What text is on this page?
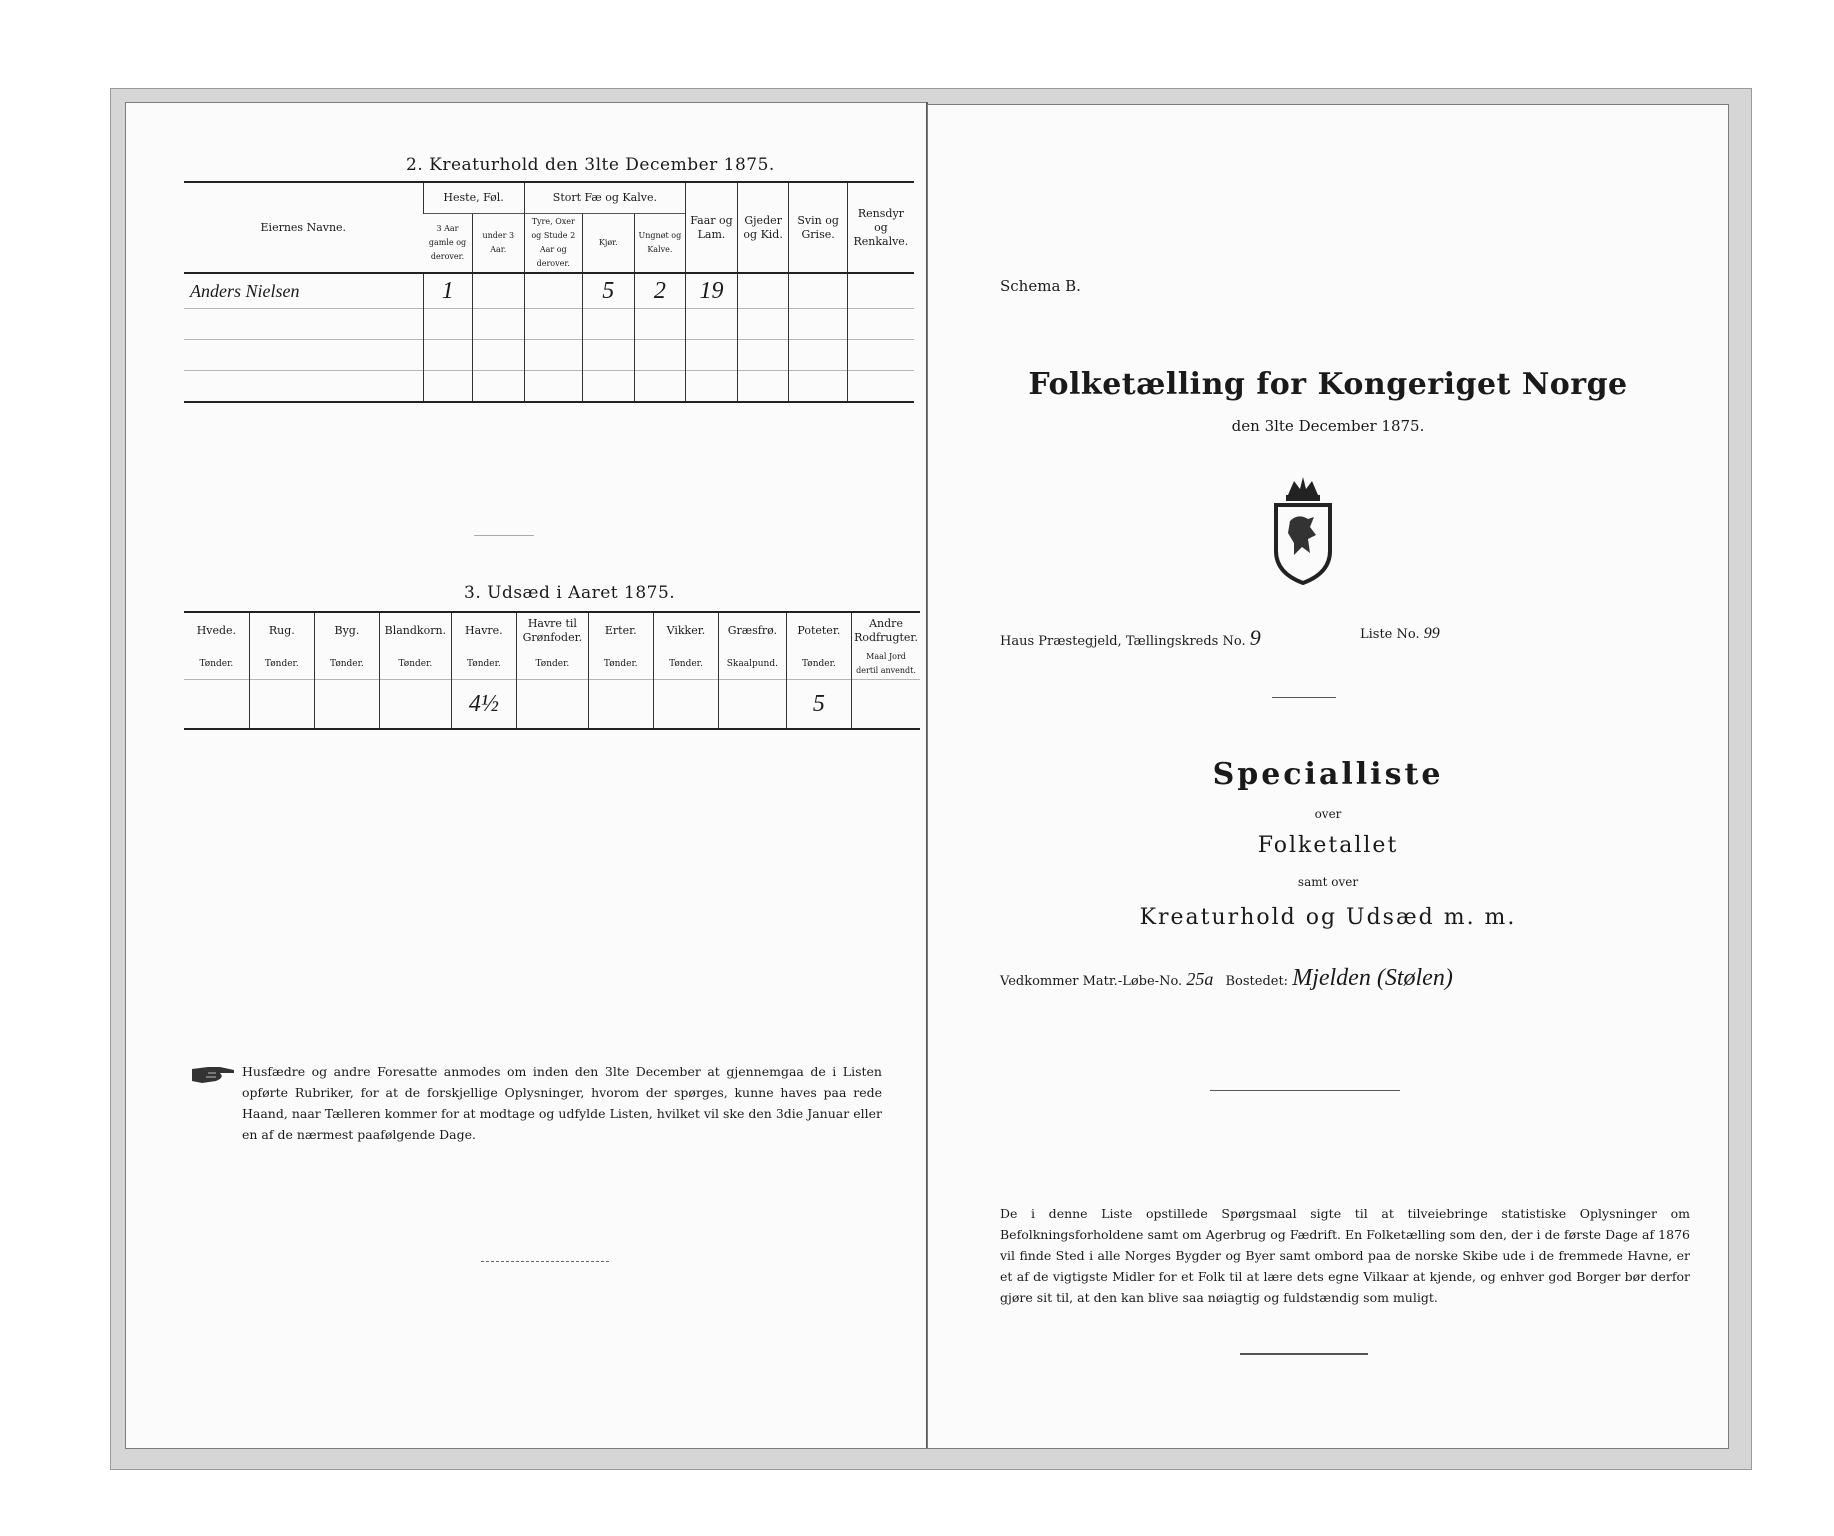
2. Kreaturhold den 3lte December 1875.
Eiernes Navne.	Heste, Føl.		Stort Fæ og Kalve.			Faar og Lam.	Gjeder og Kid.	Svin og Grise.	Rensdyr og Renkalve.
	3 Aar gamle og derover.	under 3 Aar.	Tyre, Oxer og Stude 2 Aar og derover.	Kjør.	Ungnøt og Kalve.				
Anders Nielsen	1			5	2	19			

3. Udsæd i Aaret 1875.
Hvede.	Rug.	Byg.	Blandkorn.	Havre.	Havre til Grønfoder.	Erter.	Vikker.	Græsfrø.	Poteter.	Andre Rodfrugter.
Tønder.	Tønder.	Tønder.	Tønder.	Tønder.	Tønder.	Tønder.	Tønder.	Skaalpund.	Tønder.	Maal Jord dertil anvendt.
				4½					5	
Husfædre og andre Foresatte anmodes om inden den 3lte December at gjennemgaa de i Listen opførte Rubriker, for at de forskjellige Oplysninger, hvorom der spørges, kunne haves paa rede Haand, naar Tælleren kommer for at modtage og udfylde Listen, hvilket vil ske den 3die Januar eller en af de nærmest paafølgende Dage.
Schema B.
Folketælling for Kongeriget Norge
den 3lte December 1875.
Haus Præstegjeld, Tællingskreds No. 9	Liste No. 99
Specialliste
over
Folketallet
samt over
Kreaturhold og Udsæd m. m.
Vedkommer Matr.-Løbe-No. 25a Bostedet: Mjelden (Stølen)
De i denne Liste opstillede Spørgsmaal sigte til at tilveiebringe statistiske Oplysninger om Befolkningsforholdene samt om Agerbrug og Fædrift. En Folketælling som den, der i de første Dage af 1876 vil finde Sted i alle Norges Bygder og Byer samt ombord paa de norske Skibe ude i de fremmede Havne, er et af de vigtigste Midler for et Folk til at lære dets egne Vilkaar at kjende, og enhver god Borger bør derfor gjøre sit til, at den kan blive saa nøiagtig og fuldstændig som muligt.
